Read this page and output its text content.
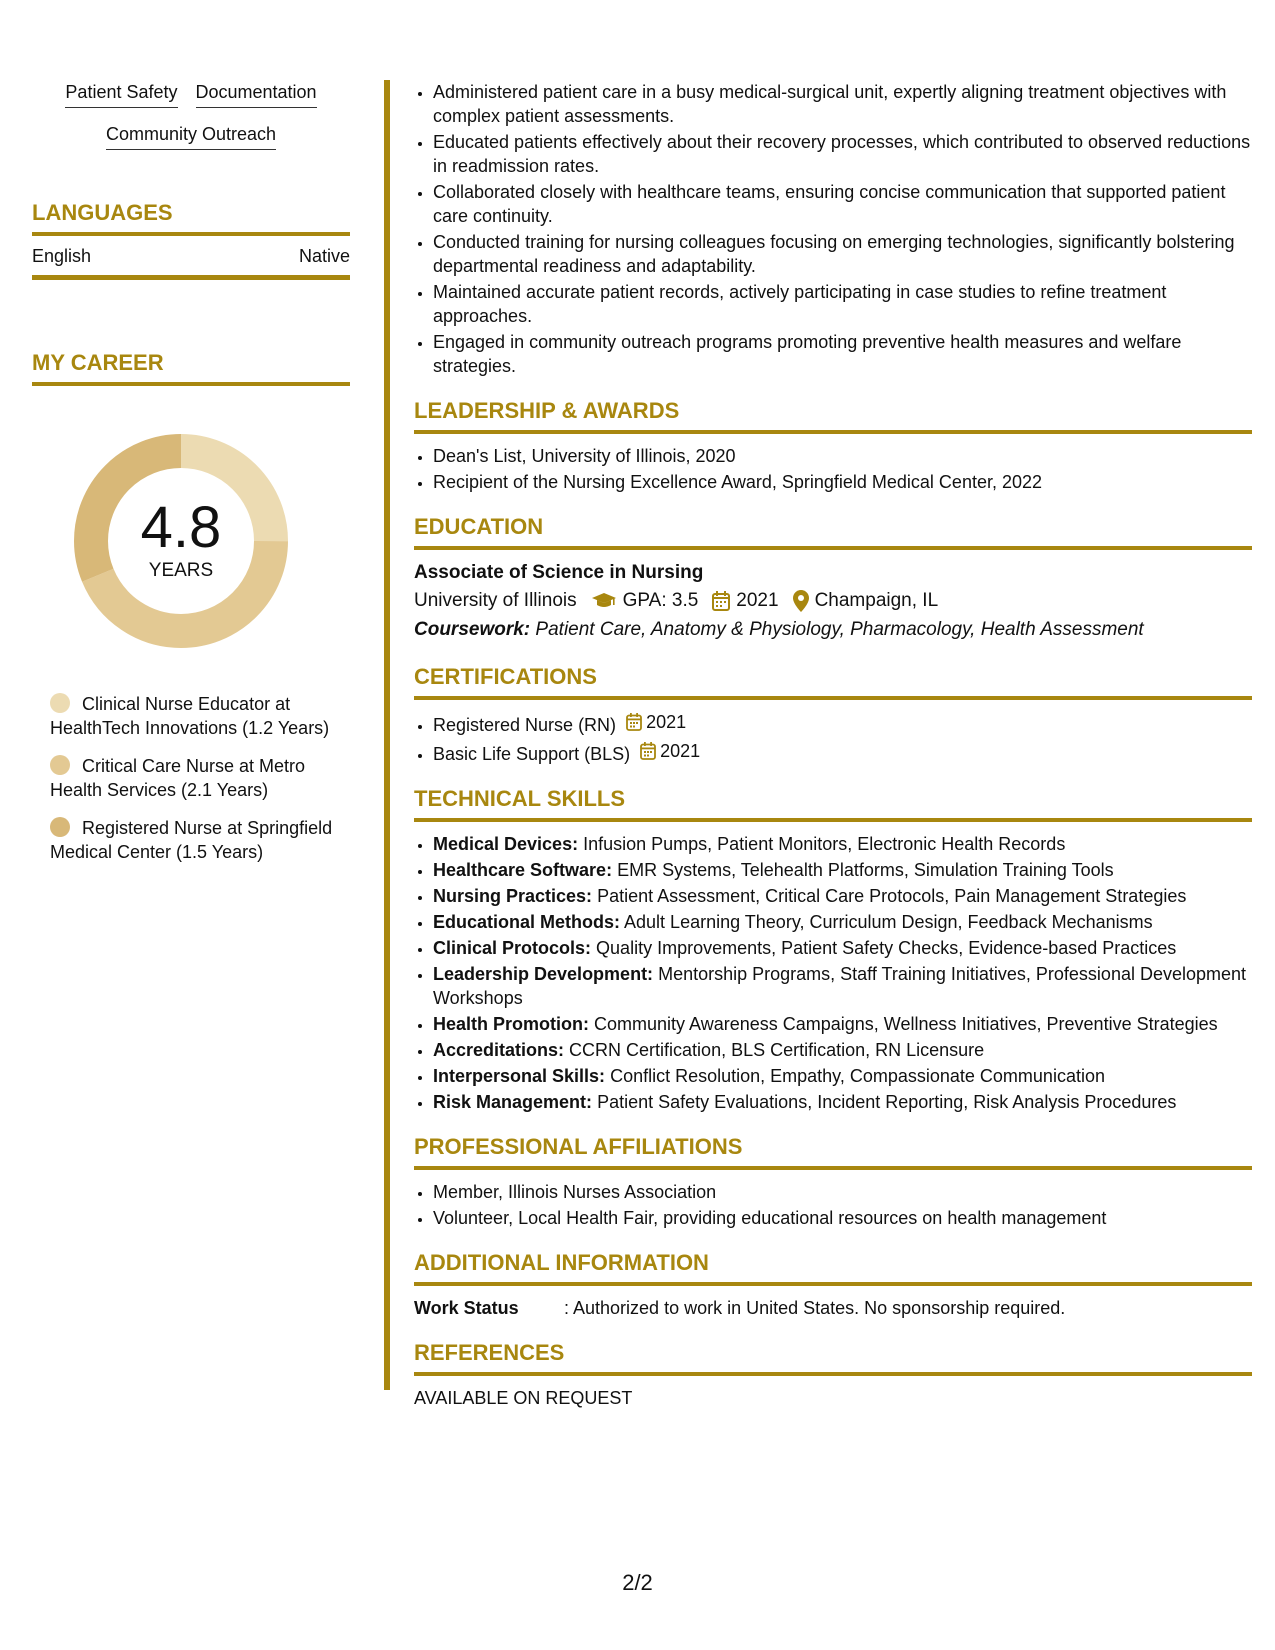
Patient Safety Documentation
Community Outreach
LANGUAGES
English	Native
MY CAREER
4.8
YEARS
Clinical Nurse Educator at HealthTech Innovations (1.2 Years)
Critical Care Nurse at Metro Health Services (2.1 Years)
Registered Nurse at Springfield Medical Center (1.5 Years)
• Administered patient care in a busy medical-surgical unit, expertly aligning treatment objectives with complex patient assessments.
• Educated patients effectively about their recovery processes, which contributed to observed reductions in readmission rates.
• Collaborated closely with healthcare teams, ensuring concise communication that supported patient care continuity.
• Conducted training for nursing colleagues focusing on emerging technologies, significantly bolstering departmental readiness and adaptability.
• Maintained accurate patient records, actively participating in case studies to refine treatment approaches.
• Engaged in community outreach programs promoting preventive health measures and welfare strategies.
LEADERSHIP & AWARDS
• Dean's List, University of Illinois, 2020
• Recipient of the Nursing Excellence Award, Springfield Medical Center, 2022
EDUCATION
Associate of Science in Nursing
University of Illinois GPA: 3.5 2021 Champaign, IL
Coursework: Patient Care, Anatomy & Physiology, Pharmacology, Health Assessment
CERTIFICATIONS
• Registered Nurse (RN) 2021
• Basic Life Support (BLS) 2021
TECHNICAL SKILLS
• Medical Devices: Infusion Pumps, Patient Monitors, Electronic Health Records
• Healthcare Software: EMR Systems, Telehealth Platforms, Simulation Training Tools
• Nursing Practices: Patient Assessment, Critical Care Protocols, Pain Management Strategies
• Educational Methods: Adult Learning Theory, Curriculum Design, Feedback Mechanisms
• Clinical Protocols: Quality Improvements, Patient Safety Checks, Evidence-based Practices
• Leadership Development: Mentorship Programs, Staff Training Initiatives, Professional Development Workshops
• Health Promotion: Community Awareness Campaigns, Wellness Initiatives, Preventive Strategies
• Accreditations: CCRN Certification, BLS Certification, RN Licensure
• Interpersonal Skills: Conflict Resolution, Empathy, Compassionate Communication
• Risk Management: Patient Safety Evaluations, Incident Reporting, Risk Analysis Procedures
PROFESSIONAL AFFILIATIONS
• Member, Illinois Nurses Association
• Volunteer, Local Health Fair, providing educational resources on health management
ADDITIONAL INFORMATION
Work Status	: Authorized to work in United States. No sponsorship required.
REFERENCES
AVAILABLE ON REQUEST
2/2
